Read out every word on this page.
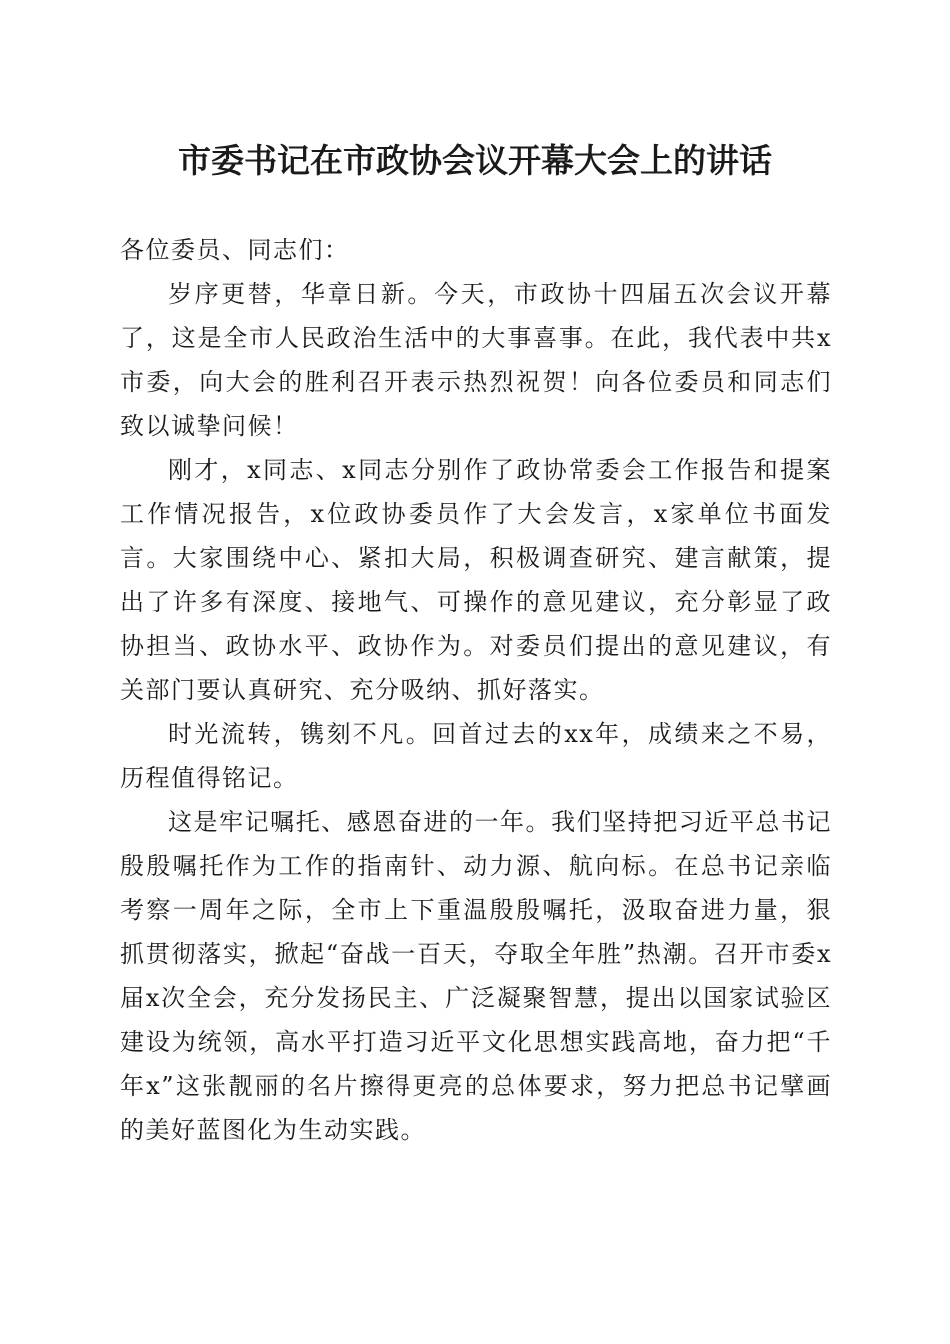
市委书记在市政协会议开幕大会上的讲话

各位委员、同志们：

岁序更替，华章日新。今天，市政协十四届五次会议开幕了，这是全市人民政治生活中的大事喜事。在此，我代表中共x市委，向大会的胜利召开表示热烈祝贺！向各位委员和同志们致以诚挚问候！

刚才，x同志、x同志分别作了政协常委会工作报告和提案工作情况报告，x位政协委员作了大会发言，x家单位书面发言。大家围绕中心、紧扣大局，积极调查研究、建言献策，提出了许多有深度、接地气、可操作的意见建议，充分彰显了政协担当、政协水平、政协作为。对委员们提出的意见建议，有关部门要认真研究、充分吸纳、抓好落实。

时光流转，镌刻不凡。回首过去的xx年，成绩来之不易，历程值得铭记。

这是牢记嘱托、感恩奋进的一年。我们坚持把习近平总书记殷殷嘱托作为工作的指南针、动力源、航向标。在总书记亲临考察一周年之际，全市上下重温殷殷嘱托，汲取奋进力量，狠抓贯彻落实，掀起“奋战一百天，夺取全年胜”热潮。召开市委x届x次全会，充分发扬民主、广泛凝聚智慧，提出以国家试验区建设为统领，高水平打造习近平文化思想实践高地，奋力把“千年x”这张靓丽的名片擦得更亮的总体要求，努力把总书记擘画的美好蓝图化为生动实践。
